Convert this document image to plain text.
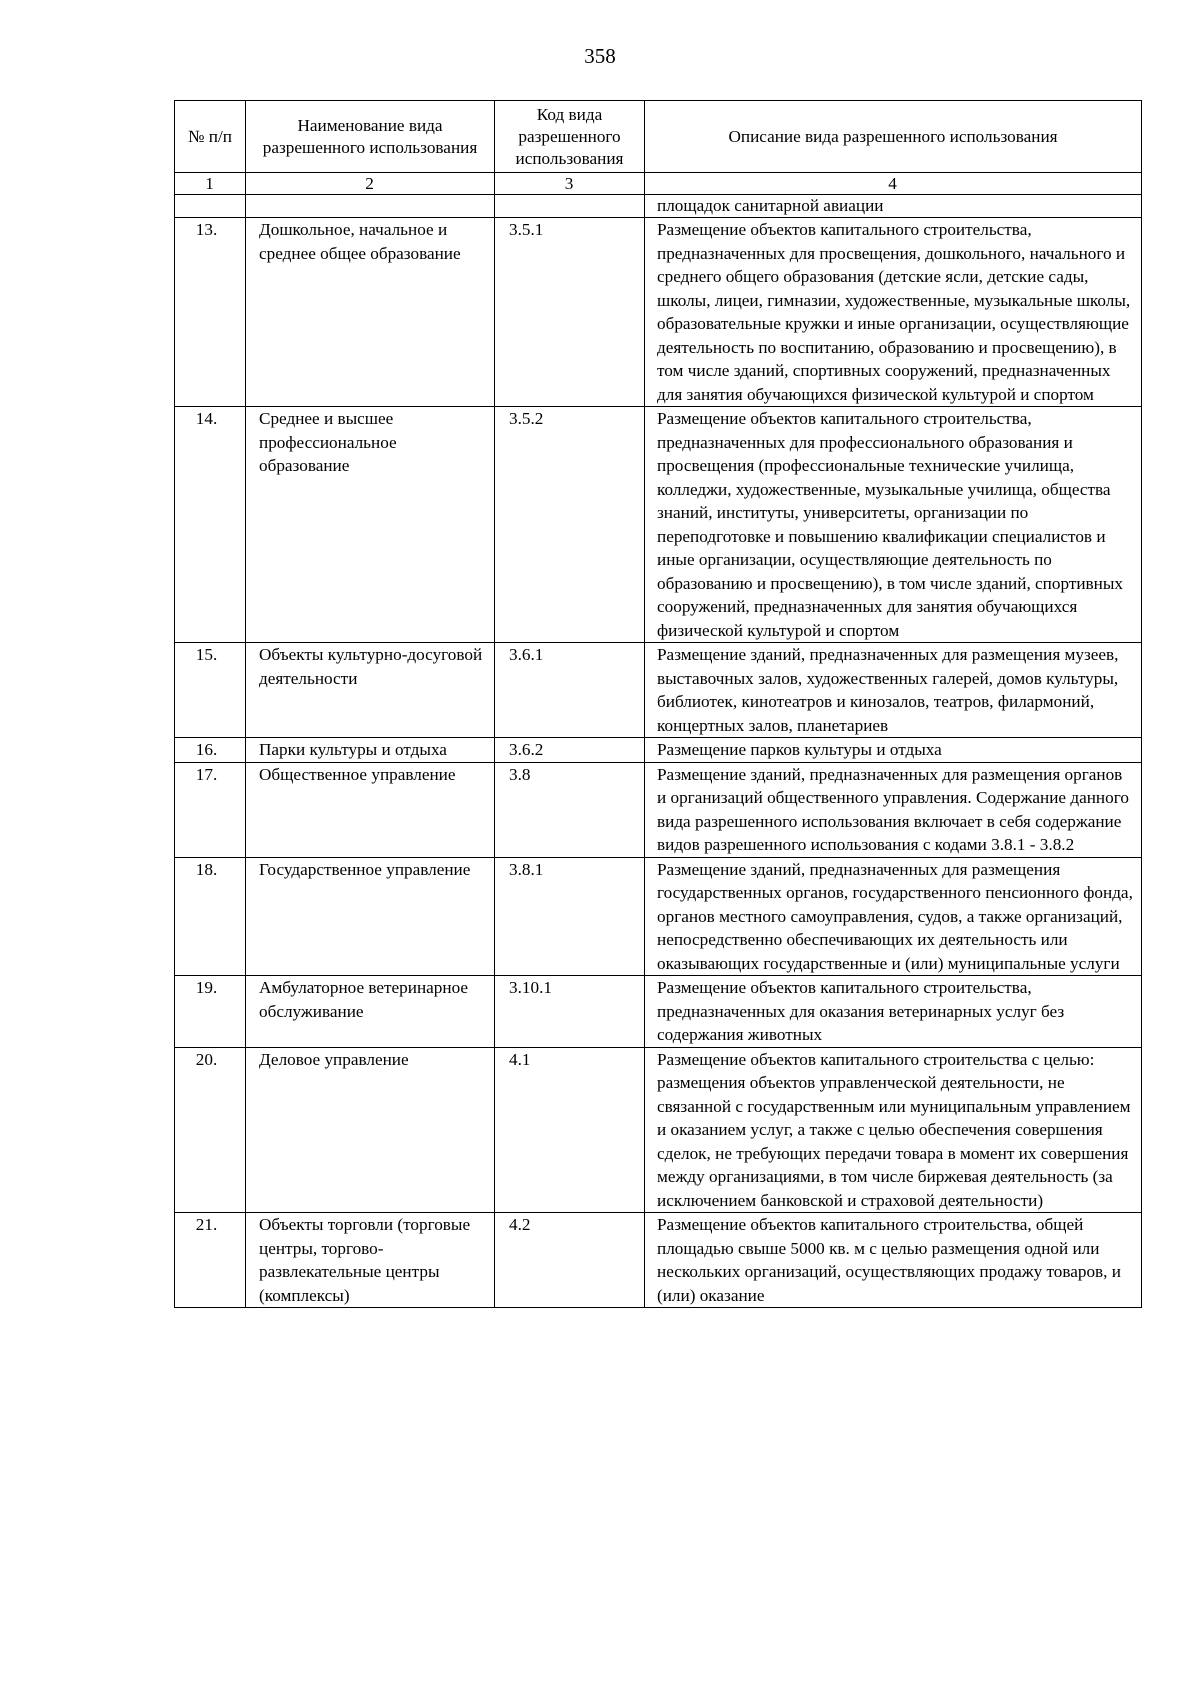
358
№ п/п	Наименование вида разрешенного использования	Код вида разрешенного использования	Описание вида разрешенного использования
1	2	3	4
			площадок санитарной авиации
13.	Дошкольное, начальное и среднее общее образование	3.5.1	Размещение объектов капитального строительства, предназначенных для просвещения, дошкольного, начального и среднего общего образования (детские ясли, детские сады, школы, лицеи, гимназии, художественные, музыкальные школы, образовательные кружки и иные организации, осуществляющие деятельность по воспитанию, образованию и просвещению), в том числе зданий, спортивных сооружений, предназначенных для занятия обучающихся физической культурой и спортом
14.	Среднее и высшее профессиональное образование	3.5.2	Размещение объектов капитального строительства, предназначенных для профессионального образования и просвещения (профессиональные технические училища, колледжи, художественные, музыкальные училища, общества знаний, институты, университеты, организации по переподготовке и повышению квалификации специалистов и иные организации, осуществляющие деятельность по образованию и просвещению), в том числе зданий, спортивных сооружений, предназначенных для занятия обучающихся физической культурой и спортом
15.	Объекты культурно-досуговой деятельности	3.6.1	Размещение зданий, предназначенных для размещения музеев, выставочных залов, художественных галерей, домов культуры, библиотек, кинотеатров и кинозалов, театров, филармоний, концертных залов, планетариев
16.	Парки культуры и отдыха	3.6.2	Размещение парков культуры и отдыха
17.	Общественное управление	3.8	Размещение зданий, предназначенных для размещения органов и организаций общественного управления. Содержание данного вида разрешенного использования включает в себя содержание видов разрешенного использования с кодами 3.8.1 - 3.8.2
18.	Государственное управление	3.8.1	Размещение зданий, предназначенных для размещения государственных органов, государственного пенсионного фонда, органов местного самоуправления, судов, а также организаций, непосредственно обеспечивающих их деятельность или оказывающих государственные и (или) муниципальные услуги
19.	Амбулаторное ветеринарное обслуживание	3.10.1	Размещение объектов капитального строительства, предназначенных для оказания ветеринарных услуг без содержания животных
20.	Деловое управление	4.1	Размещение объектов капитального строительства с целью: размещения объектов управленческой деятельности, не связанной с государственным или муниципальным управлением и оказанием услуг, а также с целью обеспечения совершения сделок, не требующих передачи товара в момент их совершения между организациями, в том числе биржевая деятельность (за исключением банковской и страховой деятельности)
21.	Объекты торговли (торговые центры, торгово-развлекательные центры (комплексы)	4.2	Размещение объектов капитального строительства, общей площадью свыше 5000 кв. м с целью размещения одной или нескольких организаций, осуществляющих продажу товаров, и (или) оказание
